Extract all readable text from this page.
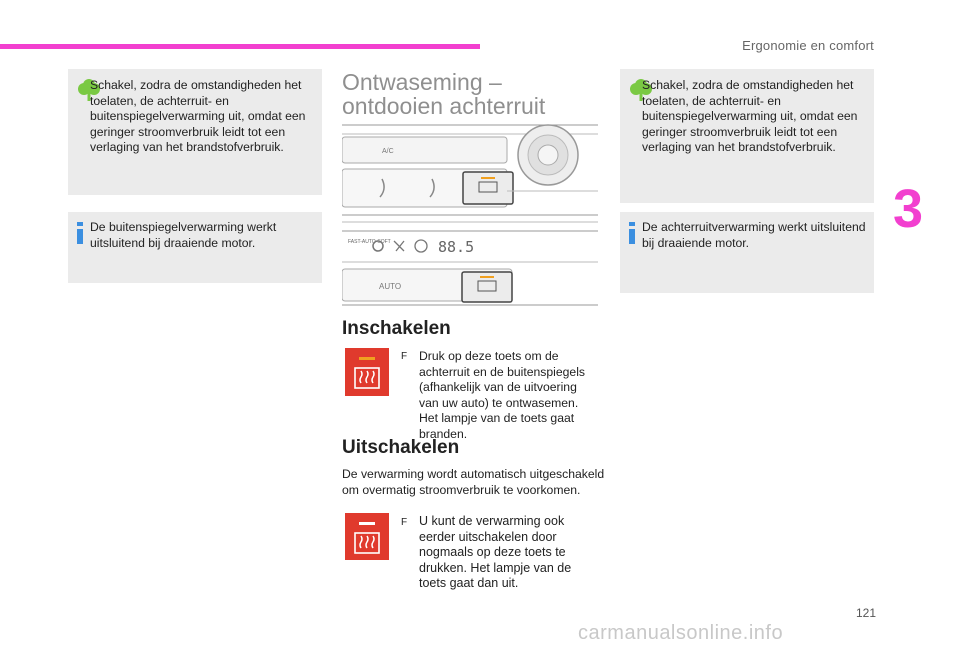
Ergonomie en comfort
3
Schakel, zodra de omstandigheden het toelaten, de achterruit- en buitenspiegelverwarming uit, omdat een geringer stroomverbruik leidt tot een verlaging van het brandstofverbruik.
De buitenspiegelverwarming werkt uitsluitend bij draaiende motor.
Ontwaseming – ontdooien achterruit
A/C
FAST-AUTO-SOFT	88.5
AUTO
Inschakelen
F Druk op deze toets om de achterruit en de buitenspiegels (afhankelijk van de uitvoering van uw auto) te ontwasemen. Het lampje van de toets gaat branden.
Uitschakelen
De verwarming wordt automatisch uitgeschakeld om overmatig stroomverbruik te voorkomen.
F U kunt de verwarming ook eerder uitschakelen door nogmaals op deze toets te drukken. Het lampje van de toets gaat dan uit.
Schakel, zodra de omstandigheden het toelaten, de achterruit- en buitenspiegelverwarming uit, omdat een geringer stroomverbruik leidt tot een verlaging van het brandstofverbruik.
De achterruitverwarming werkt uitsluitend bij draaiende motor.
121
carmanualsonline.info
